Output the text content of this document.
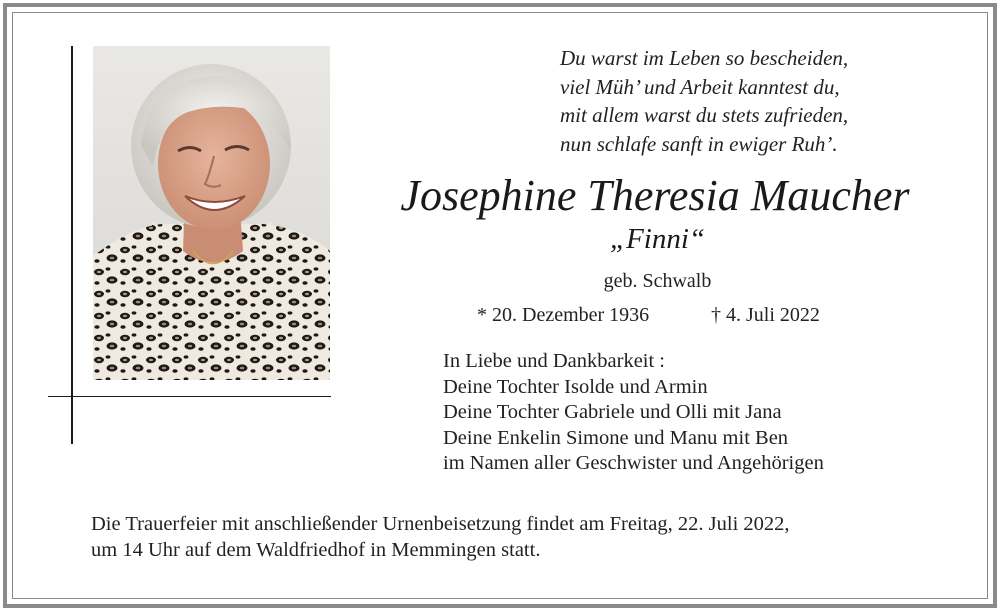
Du warst im Leben so bescheiden,
viel Müh’ und Arbeit kanntest du,
mit allem warst du stets zufrieden,
nun schlafe sanft in ewiger Ruh’.
Josephine Theresia Maucher
„Finni“
geb. Schwalb
* 20. Dezember 1936	† 4. Juli 2022
In Liebe und Dankbarkeit :
Deine Tochter Isolde und Armin
Deine Tochter Gabriele und Olli mit Jana
Deine Enkelin Simone und Manu mit Ben
im Namen aller Geschwister und Angehörigen
Die Trauerfeier mit anschließender Urnenbeisetzung findet am Freitag, 22. Juli 2022,
um 14 Uhr auf dem Waldfriedhof in Memmingen statt.
